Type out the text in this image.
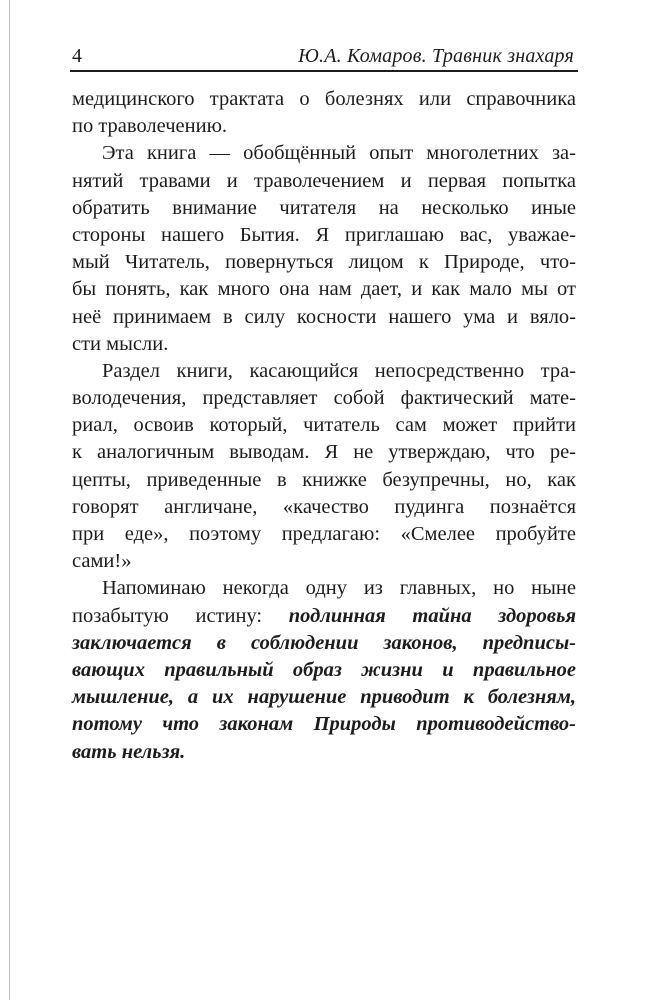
4	Ю.А. Комаров. Травник знахаря
медицинского трактата о болезнях или справочника
по траволечению.
Эта книга — обобщённый опыт многолетних за-
нятий травами и траволечением и первая попытка
обратить внимание читателя на несколько иные
стороны нашего Бытия. Я приглашаю вас, уважае-
мый Читатель, повернуться лицом к Природе, что-
бы понять, как много она нам дает, и как мало мы от
неё принимаем в силу косности нашего ума и вяло-
сти мысли.
Раздел книги, касающийся непосредственно тра-
володечения, представляет собой фактический мате-
риал, освоив который, читатель сам может прийти
к аналогичным выводам. Я не утверждаю, что ре-
цепты, приведенные в книжке безупречны, но, как
говорят англичане, «качество пудинга познаётся
при еде», поэтому предлагаю: «Смелее пробуйте
сами!»
Напоминаю некогда одну из главных, но ныне
позабытую истину: подлинная тайна здоровья
заключается в соблюдении законов, предписы-
вающих правильный образ жизни и правильное
мышление, а их нарушение приводит к болезням,
потому что законам Природы противодейство-
вать нельзя.
